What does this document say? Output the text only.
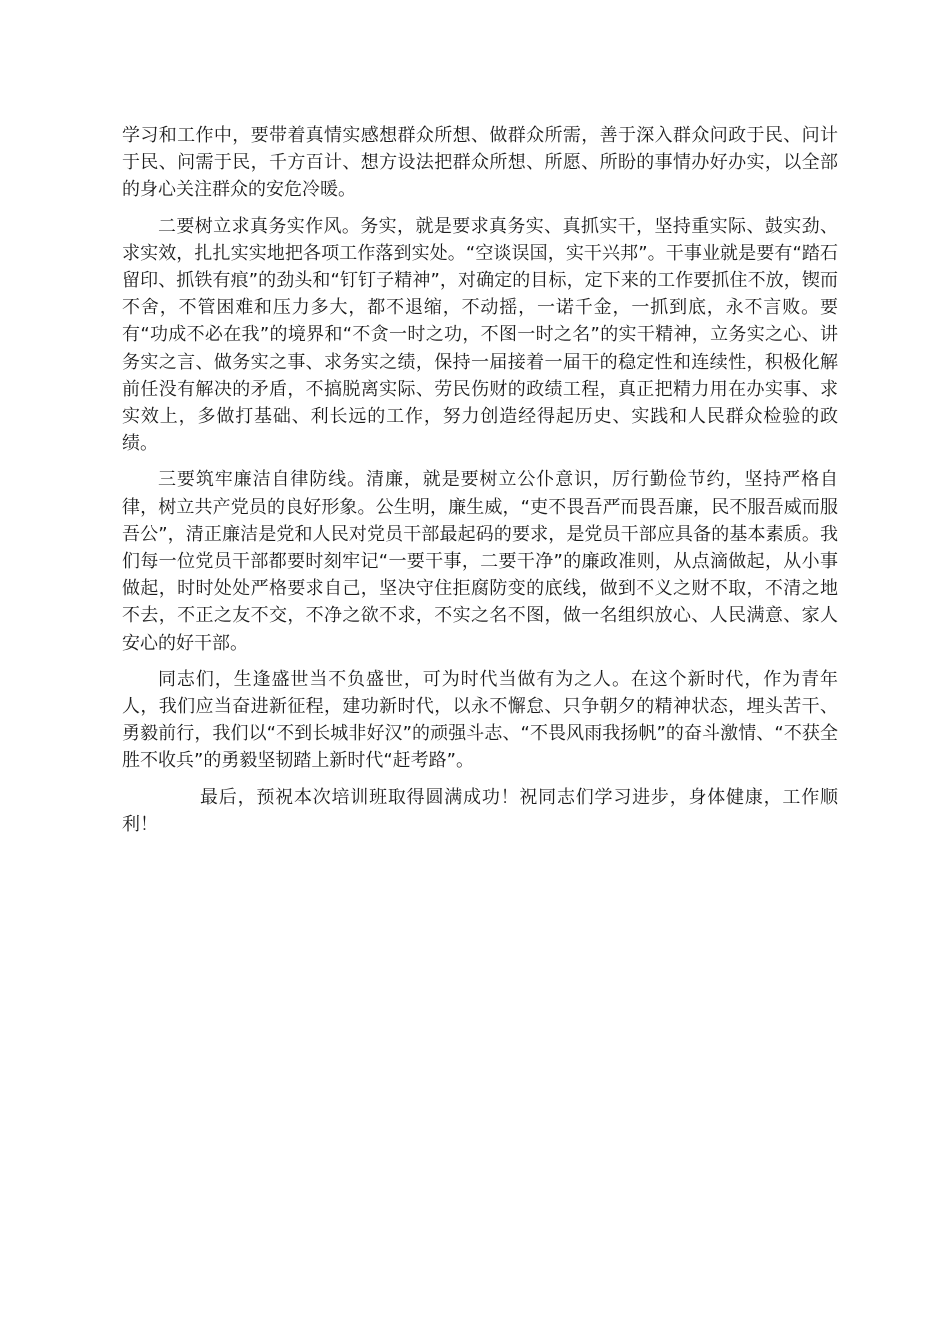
学习和工作中，要带着真情实感想群众所想、做群众所需，善于深入群众问政于民、问计于民、问需于民，千方百计、想方设法把群众所想、所愿、所盼的事情办好办实，以全部的身心关注群众的安危冷暖。

二要树立求真务实作风。务实，就是要求真务实、真抓实干，坚持重实际、鼓实劲、求实效，扎扎实实地把各项工作落到实处。“空谈误国，实干兴邦”。干事业就是要有“踏石留印、抓铁有痕”的劲头和“钉钉子精神”，对确定的目标，定下来的工作要抓住不放，锲而不舍，不管困难和压力多大，都不退缩，不动摇，一诺千金，一抓到底，永不言败。要有“功成不必在我”的境界和“不贪一时之功，不图一时之名”的实干精神，立务实之心、讲务实之言、做务实之事、求务实之绩，保持一届接着一届干的稳定性和连续性，积极化解前任没有解决的矛盾，不搞脱离实际、劳民伤财的政绩工程，真正把精力用在办实事、求实效上，多做打基础、利长远的工作，努力创造经得起历史、实践和人民群众检验的政绩。

三要筑牢廉洁自律防线。清廉，就是要树立公仆意识，厉行勤俭节约，坚持严格自律，树立共产党员的良好形象。公生明，廉生威，“吏不畏吾严而畏吾廉，民不服吾威而服吾公”，清正廉洁是党和人民对党员干部最起码的要求，是党员干部应具备的基本素质。我们每一位党员干部都要时刻牢记“一要干事，二要干净”的廉政准则，从点滴做起，从小事做起，时时处处严格要求自己，坚决守住拒腐防变的底线，做到不义之财不取，不清之地不去，不正之友不交，不净之欲不求，不实之名不图，做一名组织放心、人民满意、家人安心的好干部。

同志们，生逢盛世当不负盛世，可为时代当做有为之人。在这个新时代，作为青年人，我们应当奋进新征程，建功新时代，以永不懈怠、只争朝夕的精神状态，埋头苦干、勇毅前行，我们以“不到长城非好汉”的顽强斗志、“不畏风雨我扬帆”的奋斗激情、“不获全胜不收兵”的勇毅坚韧踏上新时代“赶考路”。

最后，预祝本次培训班取得圆满成功！祝同志们学习进步，身体健康，工作顺利！
